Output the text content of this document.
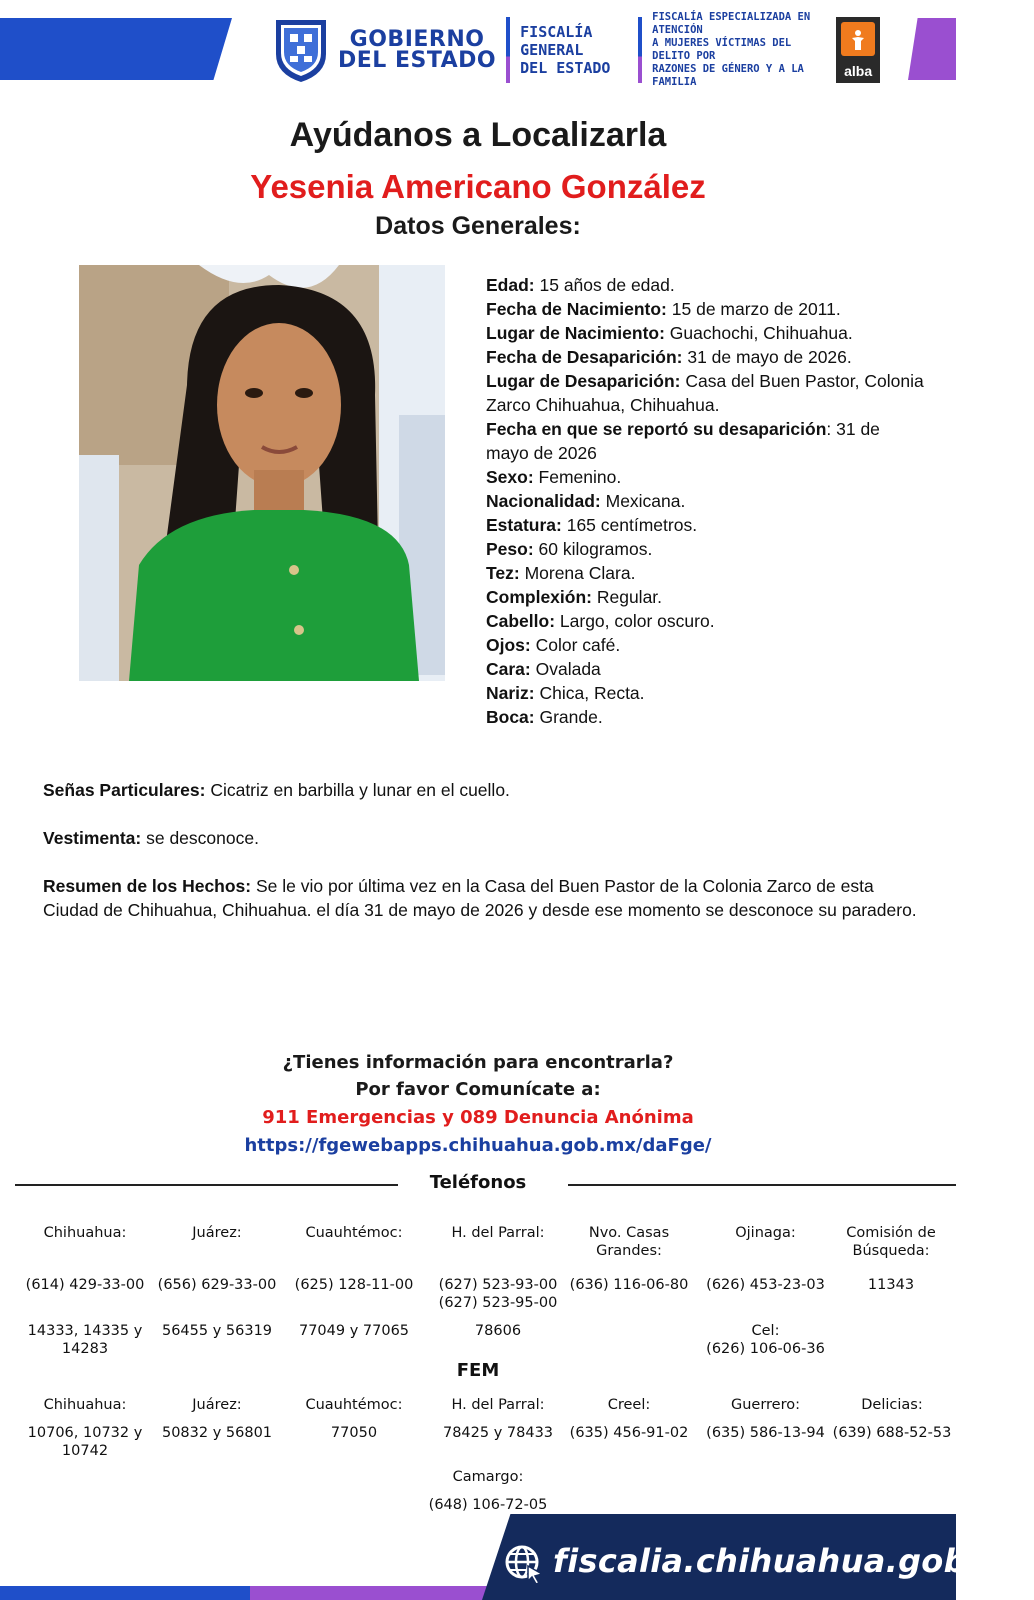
GOBIERNO
DEL ESTADO
FISCALÍA GENERAL
DEL ESTADO
FISCALÍA ESPECIALIZADA EN ATENCIÓN
A MUJERES VÍCTIMAS DEL DELITO POR
RAZONES DE GÉNERO Y A LA FAMILIA
alba
Ayúdanos a Localizarla
Yesenia Americano González
Datos Generales:
Edad: 15 años de edad.
Fecha de Nacimiento: 15 de marzo de 2011.
Lugar de Nacimiento: Guachochi, Chihuahua.
Fecha de Desaparición: 31 de mayo de 2026.
Lugar de Desaparición: Casa del Buen Pastor, Colonia Zarco Chihuahua, Chihuahua.
Fecha en que se reportó su desaparición: 31 de mayo de 2026
Sexo: Femenino.
Nacionalidad: Mexicana.
Estatura: 165 centímetros.
Peso: 60 kilogramos.
Tez: Morena Clara.
Complexión: Regular.
Cabello: Largo, color oscuro.
Ojos: Color café.
Cara: Ovalada
Nariz: Chica, Recta.
Boca: Grande.
Señas Particulares: Cicatriz en barbilla y lunar en el cuello.
Vestimenta: se desconoce.
Resumen de los Hechos: Se le vio por última vez en la Casa del Buen Pastor de la Colonia Zarco de esta Ciudad de Chihuahua, Chihuahua. el día 31 de mayo de 2026 y desde ese momento se desconoce su paradero.
¿Tienes información para encontrarla?
Por favor Comunícate a:
911 Emergencias y 089 Denuncia Anónima
https://fgewebapps.chihuahua.gob.mx/daFge/
Teléfonos
Chihuahua:
(614) 429-33-00
14333, 14335 y 14283
Juárez:
(656) 629-33-00
56455 y 56319
Cuauhtémoc:
(625) 128-11-00
77049 y 77065
H. del Parral:
(627) 523-93-00
(627) 523-95-00
78606
Nvo. Casas Grandes:
(636) 116-06-80
Ojinaga:
(626) 453-23-03
Cel:
(626) 106-06-36
Comisión de Búsqueda:
11343
FEM
Chihuahua:
10706, 10732 y 10742
Juárez:
50832 y 56801
Cuauhtémoc:
77050
H. del Parral:
78425 y 78433
Creel:
(635) 456-91-02
Guerrero:
(635) 586-13-94
Delicias:
(639) 688-52-53
Camargo:
(648) 106-72-05
fiscalia.chihuahua.gob.mx
